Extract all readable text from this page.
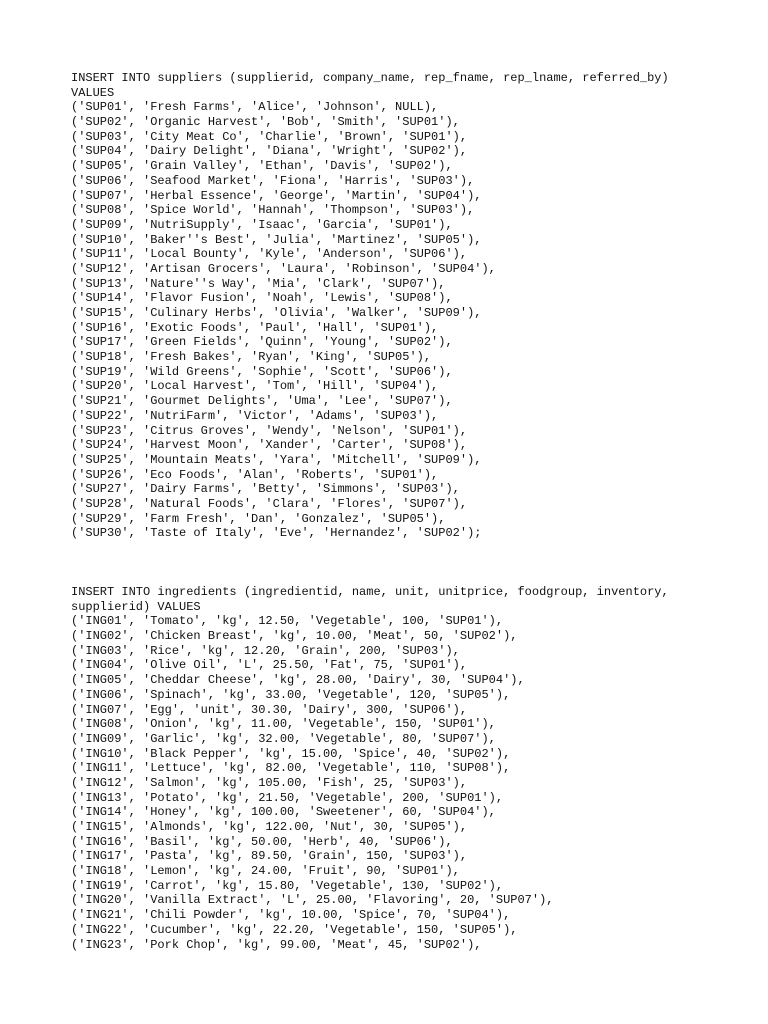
INSERT INTO suppliers (supplierid, company_name, rep_fname, rep_lname, referred_by)
VALUES
('SUP01', 'Fresh Farms', 'Alice', 'Johnson', NULL),
('SUP02', 'Organic Harvest', 'Bob', 'Smith', 'SUP01'),
('SUP03', 'City Meat Co', 'Charlie', 'Brown', 'SUP01'),
('SUP04', 'Dairy Delight', 'Diana', 'Wright', 'SUP02'),
('SUP05', 'Grain Valley', 'Ethan', 'Davis', 'SUP02'),
('SUP06', 'Seafood Market', 'Fiona', 'Harris', 'SUP03'),
('SUP07', 'Herbal Essence', 'George', 'Martin', 'SUP04'),
('SUP08', 'Spice World', 'Hannah', 'Thompson', 'SUP03'),
('SUP09', 'NutriSupply', 'Isaac', 'Garcia', 'SUP01'),
('SUP10', 'Baker''s Best', 'Julia', 'Martinez', 'SUP05'),
('SUP11', 'Local Bounty', 'Kyle', 'Anderson', 'SUP06'),
('SUP12', 'Artisan Grocers', 'Laura', 'Robinson', 'SUP04'),
('SUP13', 'Nature''s Way', 'Mia', 'Clark', 'SUP07'),
('SUP14', 'Flavor Fusion', 'Noah', 'Lewis', 'SUP08'),
('SUP15', 'Culinary Herbs', 'Olivia', 'Walker', 'SUP09'),
('SUP16', 'Exotic Foods', 'Paul', 'Hall', 'SUP01'),
('SUP17', 'Green Fields', 'Quinn', 'Young', 'SUP02'),
('SUP18', 'Fresh Bakes', 'Ryan', 'King', 'SUP05'),
('SUP19', 'Wild Greens', 'Sophie', 'Scott', 'SUP06'),
('SUP20', 'Local Harvest', 'Tom', 'Hill', 'SUP04'),
('SUP21', 'Gourmet Delights', 'Uma', 'Lee', 'SUP07'),
('SUP22', 'NutriFarm', 'Victor', 'Adams', 'SUP03'),
('SUP23', 'Citrus Groves', 'Wendy', 'Nelson', 'SUP01'),
('SUP24', 'Harvest Moon', 'Xander', 'Carter', 'SUP08'),
('SUP25', 'Mountain Meats', 'Yara', 'Mitchell', 'SUP09'),
('SUP26', 'Eco Foods', 'Alan', 'Roberts', 'SUP01'),
('SUP27', 'Dairy Farms', 'Betty', 'Simmons', 'SUP03'),
('SUP28', 'Natural Foods', 'Clara', 'Flores', 'SUP07'),
('SUP29', 'Farm Fresh', 'Dan', 'Gonzalez', 'SUP05'),
('SUP30', 'Taste of Italy', 'Eve', 'Hernandez', 'SUP02');
INSERT INTO ingredients (ingredientid, name, unit, unitprice, foodgroup, inventory,
supplierid) VALUES
('ING01', 'Tomato', 'kg', 12.50, 'Vegetable', 100, 'SUP01'),
('ING02', 'Chicken Breast', 'kg', 10.00, 'Meat', 50, 'SUP02'),
('ING03', 'Rice', 'kg', 12.20, 'Grain', 200, 'SUP03'),
('ING04', 'Olive Oil', 'L', 25.50, 'Fat', 75, 'SUP01'),
('ING05', 'Cheddar Cheese', 'kg', 28.00, 'Dairy', 30, 'SUP04'),
('ING06', 'Spinach', 'kg', 33.00, 'Vegetable', 120, 'SUP05'),
('ING07', 'Egg', 'unit', 30.30, 'Dairy', 300, 'SUP06'),
('ING08', 'Onion', 'kg', 11.00, 'Vegetable', 150, 'SUP01'),
('ING09', 'Garlic', 'kg', 32.00, 'Vegetable', 80, 'SUP07'),
('ING10', 'Black Pepper', 'kg', 15.00, 'Spice', 40, 'SUP02'),
('ING11', 'Lettuce', 'kg', 82.00, 'Vegetable', 110, 'SUP08'),
('ING12', 'Salmon', 'kg', 105.00, 'Fish', 25, 'SUP03'),
('ING13', 'Potato', 'kg', 21.50, 'Vegetable', 200, 'SUP01'),
('ING14', 'Honey', 'kg', 100.00, 'Sweetener', 60, 'SUP04'),
('ING15', 'Almonds', 'kg', 122.00, 'Nut', 30, 'SUP05'),
('ING16', 'Basil', 'kg', 50.00, 'Herb', 40, 'SUP06'),
('ING17', 'Pasta', 'kg', 89.50, 'Grain', 150, 'SUP03'),
('ING18', 'Lemon', 'kg', 24.00, 'Fruit', 90, 'SUP01'),
('ING19', 'Carrot', 'kg', 15.80, 'Vegetable', 130, 'SUP02'),
('ING20', 'Vanilla Extract', 'L', 25.00, 'Flavoring', 20, 'SUP07'),
('ING21', 'Chili Powder', 'kg', 10.00, 'Spice', 70, 'SUP04'),
('ING22', 'Cucumber', 'kg', 22.20, 'Vegetable', 150, 'SUP05'),
('ING23', 'Pork Chop', 'kg', 99.00, 'Meat', 45, 'SUP02'),
